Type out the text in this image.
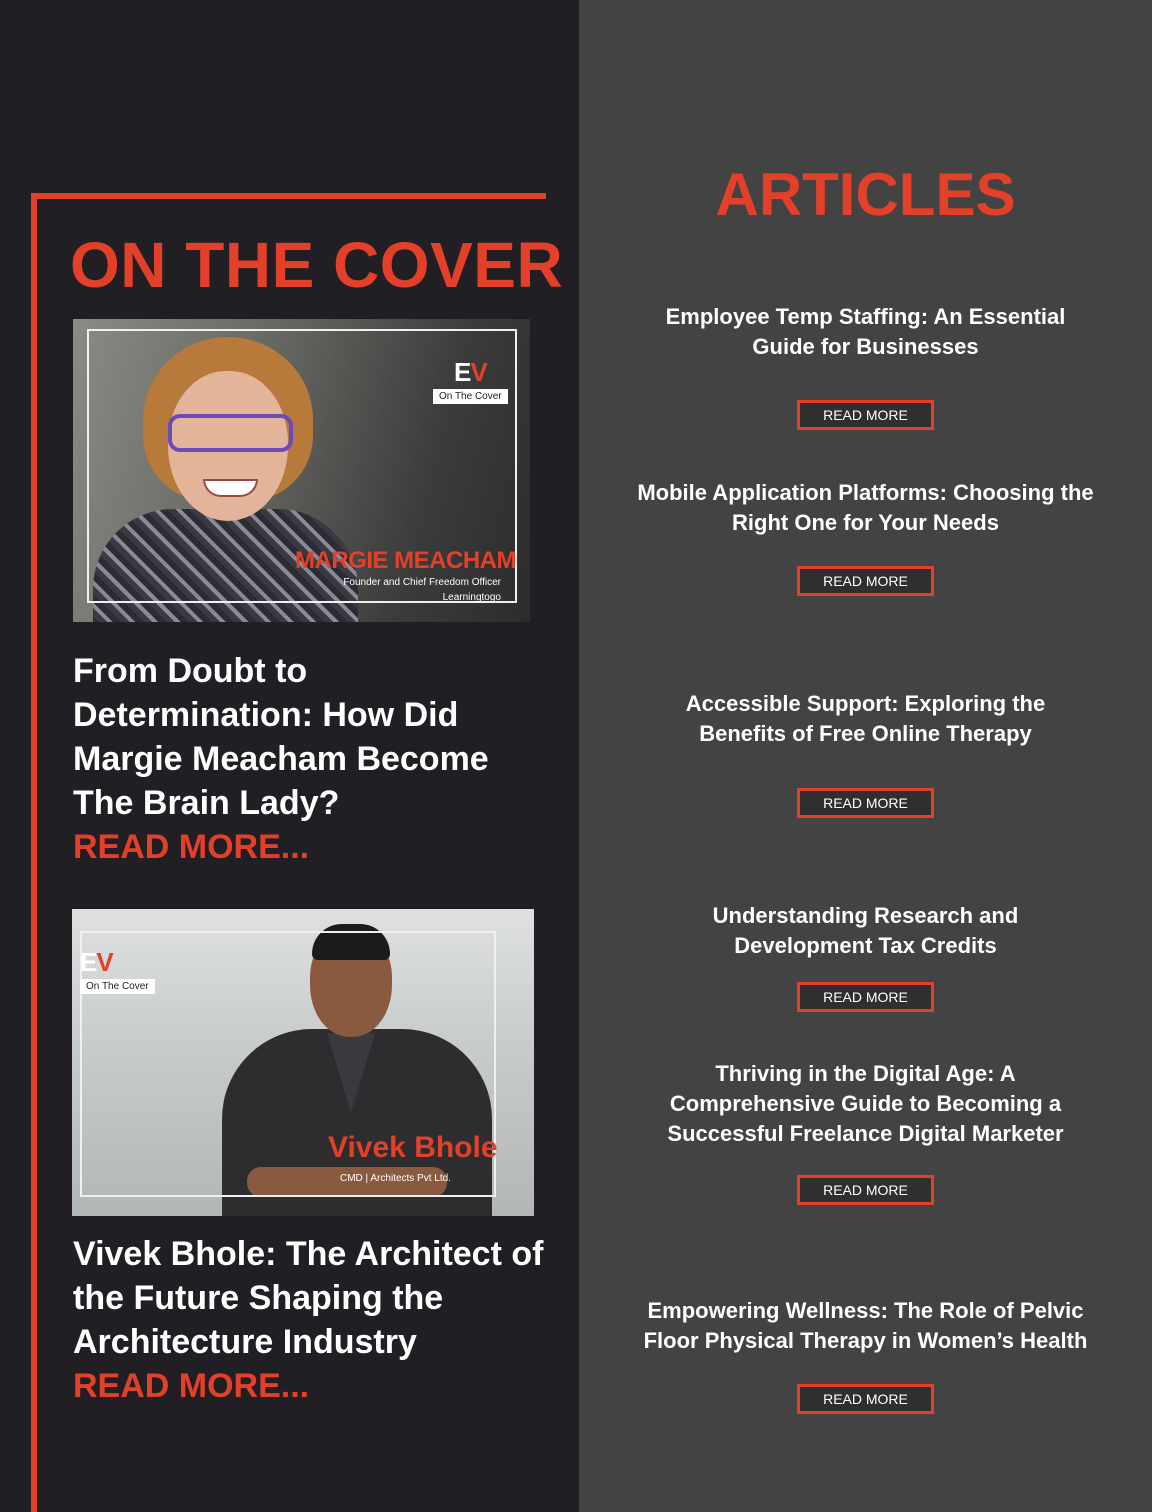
ON THE COVER
EV
On The Cover
MARGIE MEACHAM
Founder and Chief Freedom Officer
Learningtogo
From Doubt to Determination: How Did Margie Meacham Become The Brain Lady?
READ MORE...
EV
On The Cover
Vivek Bhole
CMD | Architects Pvt Ltd.
Vivek Bhole: The Architect of the Future Shaping the Architecture Industry
READ MORE...
ARTICLES
Employee Temp Staffing: An Essential Guide for Businesses
READ MORE
Mobile Application Platforms: Choosing the Right One for Your Needs
READ MORE
Accessible Support: Exploring the Benefits of Free Online Therapy
READ MORE
Understanding Research and Development Tax Credits
READ MORE
Thriving in the Digital Age: A Comprehensive Guide to Becoming a Successful Freelance Digital Marketer
READ MORE
Empowering Wellness: The Role of Pelvic Floor Physical Therapy in Women’s Health
READ MORE
